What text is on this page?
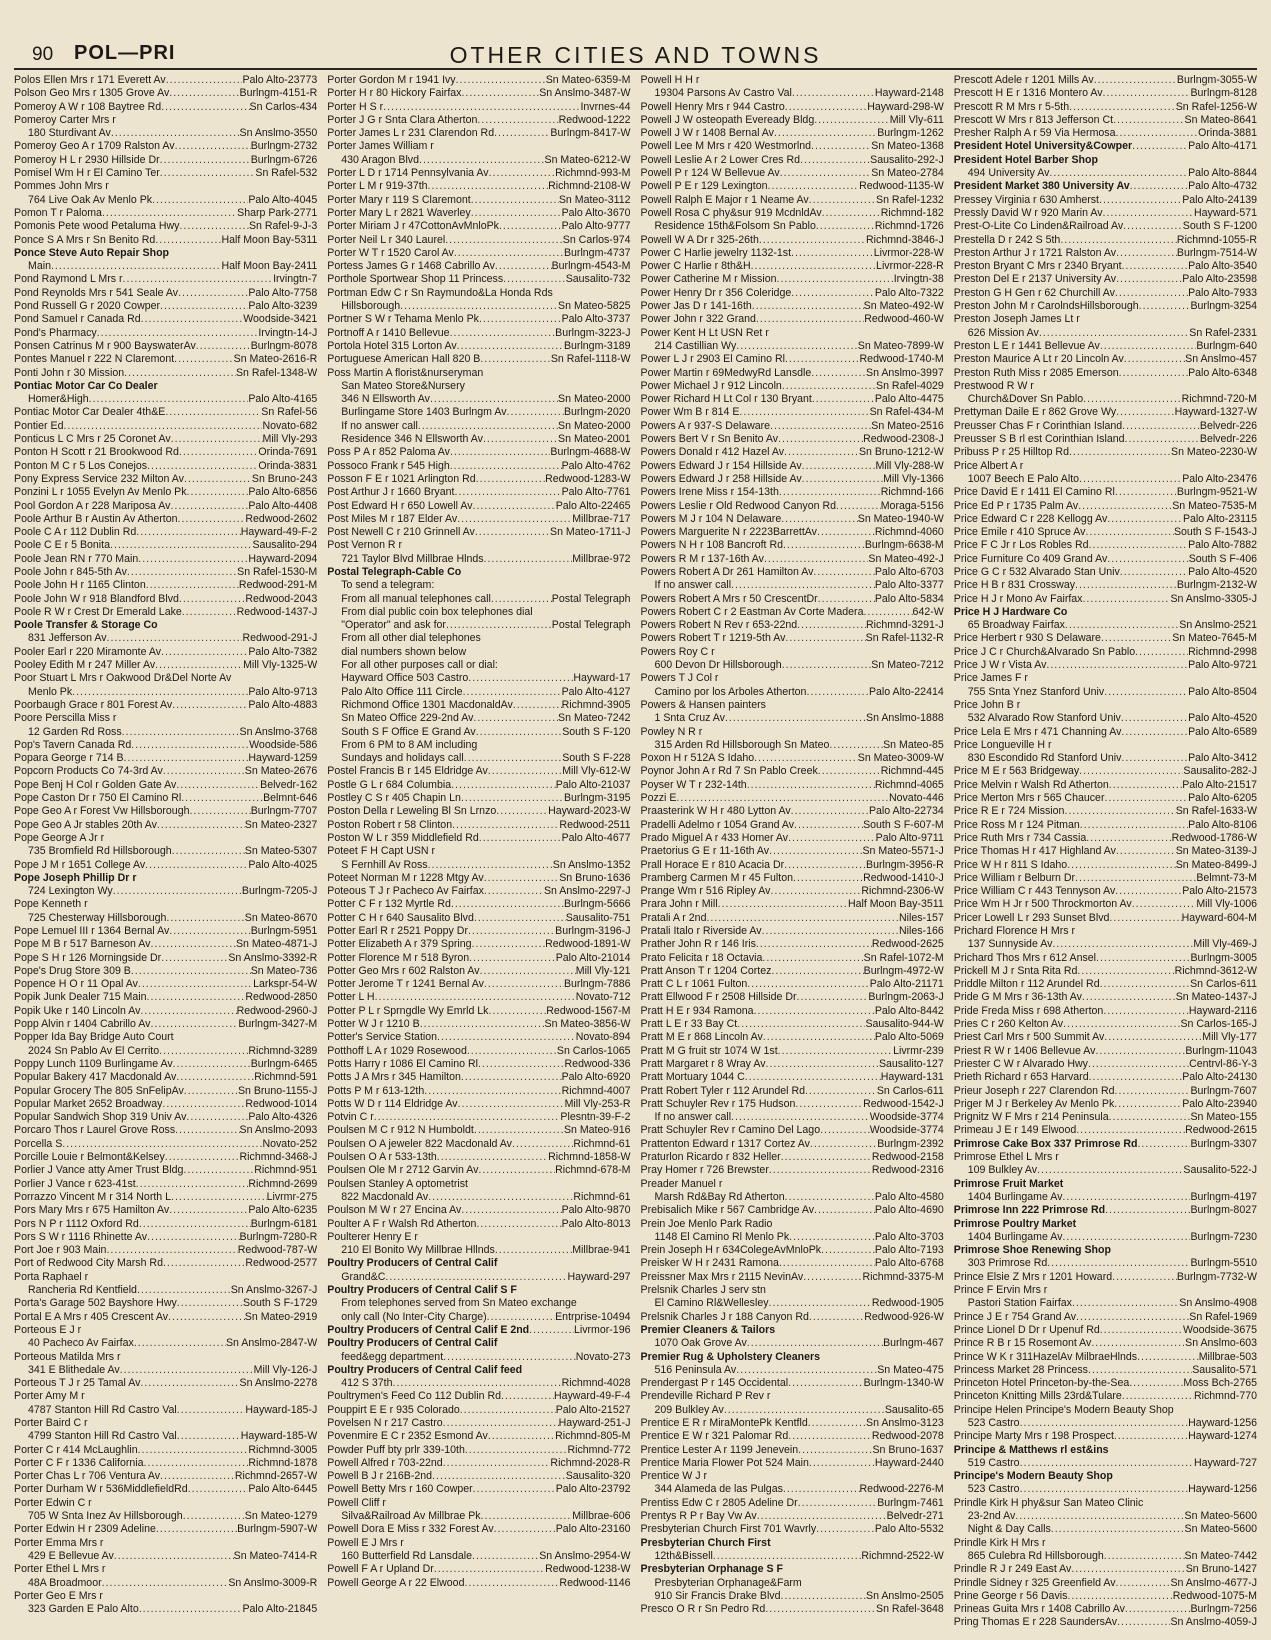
90 POL—PRI	OTHER CITIES AND TOWNS
Polos Ellen Mrs r 171 Everett Av .....	Palo Alto-23773
Polson Geo Mrs r 1305 Grove Av .....	Burlngm-4151-R
Pomeroy A W r 108 Baytree Rd .....	Sn Carlos-434
Pomeroy Carter Mrs r
180 Sturdivant Av .....	Sn Anslmo-3550
Pomeroy Geo A r 1709 Ralston Av .....	Burlngm-2732
Pomeroy H L r 2930 Hillside Dr .....	Burlngm-6726
Pomisel Wm H r El Camino Ter .....	Sn Rafel-532
Pommes John Mrs r
764 Live Oak Av Menlo Pk .....	Palo Alto-4045
Pomon T r Paloma .....	Sharp Park-2771
Pomonis Pete wood Petaluma Hwy .....	Sn Rafel-9-J-3
Ponce S A Mrs r Sn Benito Rd .....	Half Moon Bay-5311
Ponce Steve Auto Repair Shop
Main .....	Half Moon Bay-2411
Pond Raymond L Mrs r .....	Irvingtn-7
Pond Reynolds Mrs r 541 Seale Av .....	Palo Alto-7758
Pond Russell G r 2020 Cowper .....	Palo Alto-3239
Pond Samuel r Canada Rd .....	Woodside-3421
Pond's Pharmacy .....	Irvingtn-14-J
Ponsen Catrinus M r 900 BayswaterAv .....	Burlngm-8078
Pontes Manuel r 222 N Claremont .....	Sn Mateo-2616-R
Ponti John r 30 Mission .....	Sn Rafel-1348-W
Pontiac Motor Car Co Dealer
Homer&High .....	Palo Alto-4165
Pontiac Motor Car Dealer 4th&E .....	Sn Rafel-56
Pontier Ed .....	Novato-682
Ponticus L C Mrs r 25 Coronet Av .....	Mill Vly-293
Ponton H Scott r 21 Brookwood Rd .....	Orinda-7691
Ponton M C r 5 Los Conejos .....	Orinda-3831
Pony Express Service 232 Milton Av .....	Sn Bruno-243
Ponzini L r 1055 Evelyn Av Menlo Pk .....	Palo Alto-6856
Pool Gordon A r 228 Mariposa Av .....	Palo Alto-4408
Poole Arthur B r Austin Av Atherton .....	Redwood-2602
Poole C A r 112 Dublin Rd .....	Hayward-49-F-2
Poole C E r 5 Bonita .....	Sausalito-294
Poole Jean RN r 770 Main .....	Hayward-2094
Poole John r 845-5th Av .....	Sn Rafel-1530-M
Poole John H r 1165 Clinton .....	Redwood-291-M
Poole John W r 918 Blandford Blvd .....	Redwood-2043
Poole R W r Crest Dr Emerald Lake .....	Redwood-1437-J
Poole Transfer & Storage Co
831 Jefferson Av .....	Redwood-291-J
Pooler Earl r 220 Miramonte Av .....	Palo Alto-7382
Pooley Edith M r 247 Miller Av .....	Mill Vly-1325-W
Poor Stuart L Mrs r Oakwood Dr&Del Norte Av
Menlo Pk .....	Palo Alto-9713
Poorbaugh Grace r 801 Forest Av .....	Palo Alto-4883
Poore Perscilla Miss r
12 Garden Rd Ross .....	Sn Anslmo-3768
Pop's Tavern Canada Rd .....	Woodside-586
Popara George r 714 B .....	Hayward-1259
Popcorn Products Co 74-3rd Av .....	Sn Mateo-2676
Pope Benj H Col r Golden Gate Av .....	Belvedr-162
Pope Caston Dr r 750 El Camino Rl .....	Belmnt-646
Pope Geo A r Forest Vw Hillsborough .....	Burlngm-7707
Pope Geo A Jr stables 20th Av .....	Sn Mateo-2327
Pope George A Jr r
735 Bromfield Rd Hillsborough .....	Sn Mateo-5307
Pope J M r 1651 College Av .....	Palo Alto-4025
Pope Joseph Phillip Dr r
724 Lexington Wy .....	Burlngm-7205-J
Pope Kenneth r
725 Chesterway Hillsborough .....	Sn Mateo-8670
Pope Lemuel III r 1364 Bernal Av .....	Burlngm-5951
Pope M B r 517 Barneson Av .....	Sn Mateo-4871-J
Pope S H r 126 Morningside Dr .....	Sn Anslmo-3392-R
Pope's Drug Store 309 B .....	Sn Mateo-736
Popence H O r 11 Opal Av .....	Larkspr-54-W
Popik Junk Dealer 715 Main .....	Redwood-2850
Popik Uke r 140 Lincoln Av .....	Redwood-2960-J
Popp Alvin r 1404 Cabrillo Av .....	Burlngm-3427-M
Popper Ida Bay Bridge Auto Court
2024 Sn Pablo Av El Cerrito .....	Richmnd-3289
Poppy Lunch 1109 Burlingame Av .....	Burlngm-6465
Popular Bakery 417 Macdonald Av .....	Richmnd-591
Popular Grocery The 805 SnFelipAv .....	Sn Bruno-1155-J
Popular Market 2652 Broadway .....	Redwood-1014
Popular Sandwich Shop 319 Univ Av .....	Palo Alto-4326
Porcaro Thos r Laurel Grove Ross .....	Sn Anslmo-2093
Porcella S .....	Novato-252
Porcille Louie r Belmont&Kelsey .....	Richmnd-3468-J
Porlier J Vance atty Amer Trust Bldg .....	Richmnd-951
Porlier J Vance r 623-41st .....	Richmnd-2699
Porrazzo Vincent M r 314 North L .....	Livrmr-275
Pors Mary Mrs r 675 Hamilton Av .....	Palo Alto-6235
Pors N P r 1112 Oxford Rd .....	Burlngm-6181
Pors S W r 1116 Rhinette Av .....	Burlngm-7280-R
Port Joe r 903 Main .....	Redwood-787-W
Port of Redwood City Marsh Rd .....	Redwood-2577
Porta Raphael r
Rancheria Rd Kentfield .....	Sn Anslmo-3267-J
Porta's Garage 502 Bayshore Hwy .....	South S F-1729
Portal E A Mrs r 405 Crescent Av .....	Sn Mateo-2919
Porteous E J r
40 Pacheco Av Fairfax .....	Sn Anslmo-2847-W
Porteous Matilda Mrs r
341 E Blithedale Av .....	Mill Vly-126-J
Porteous T J r 25 Tamal Av .....	Sn Anslmo-2278
Porter Amy M r
4787 Stanton Hill Rd Castro Val .....	Hayward-185-J
Porter Baird C r
4799 Stanton Hill Rd Castro Val .....	Hayward-185-W
Porter C r 414 McLaughlin .....	Richmnd-3005
Porter C F r 1336 California .....	Richmnd-1878
Porter Chas L r 706 Ventura Av .....	Richmnd-2657-W
Porter Durham W r 536MiddlefieldRd .....	Palo Alto-6445
Porter Edwin C r
705 W Snta Inez Av Hillsborough .....	Sn Mateo-1279
Porter Edwin H r 2309 Adeline .....	Burlngm-5907-W
Porter Emma Mrs r
429 E Bellevue Av .....	Sn Mateo-7414-R
Porter Ethel L Mrs r
48A Broadmoor .....	Sn Anslmo-3009-R
Porter Geo E Mrs r
323 Garden E Palo Alto .....	Palo Alto-21845
Porter Gordon M r 1941 Ivy .....	Sn Mateo-6359-M
Porter H r 80 Hickory Fairfax .....	Sn Anslmo-3487-W
Porter H S r .....	Invrnes-44
Porter J G r Snta Clara Atherton .....	Redwood-1222
Porter James L r 231 Clarendon Rd .....	Burlngm-8417-W
Porter James William r
430 Aragon Blvd .....	Sn Mateo-6212-W
Porter L D r 1714 Pennsylvania Av .....	Richmnd-993-M
Porter L M r 919-37th .....	Richmnd-2108-W
Porter Mary r 119 S Claremont .....	Sn Mateo-3112
Porter Mary L r 2821 Waverley .....	Palo Alto-3670
Porter Miriam J r 47CottonAvMnloPk .....	Palo Alto-9777
Porter Neil L r 340 Laurel .....	Sn Carlos-974
Porter W T r 1520 Carol Av .....	Burlngm-4737
Portess James G r 1468 Cabrillo Av .....	Burlngm-4543-M
Porthole Sportwear Shop 11 Princess .....	Sausalito-732
Portman Edw C r Sn Raymundo&La Honda Rds
Hillsborough .....	Sn Mateo-5825
Portner S W r Tehama Menlo Pk .....	Palo Alto-3737
Portnoff A r 1410 Bellevue .....	Burlngm-3223-J
Portola Hotel 315 Lorton Av .....	Burlngm-3189
Portuguese American Hall 820 B .....	Sn Rafel-1118-W
Poss Martin A florist&nurseryman
San Mateo Store&Nursery
346 N Ellsworth Av .....	Sn Mateo-2000
Burlingame Store 1403 Burlngm Av .....	Burlngm-2020
If no answer call .....	Sn Mateo-2000
Residence 346 N Ellsworth Av .....	Sn Mateo-2001
Poss P A r 852 Paloma Av .....	Burlngm-4688-W
Possoco Frank r 545 High .....	Palo Alto-4762
Posson F E r 1021 Arlington Rd .....	Redwood-1283-W
Post Arthur J r 1660 Bryant .....	Palo Alto-7761
Post Edward H r 650 Lowell Av .....	Palo Alto-22465
Post Miles M r 187 Elder Av .....	Millbrae-717
Post Newell C r 210 Grinnell Av .....	Sn Mateo-1711-J
Post Vernon R r
721 Taylor Blvd Millbrae Hlnds .....	Millbrae-972
Postal Telegraph-Cable Co
To send a telegram:
From all manual telephones call .....	Postal Telegraph
From dial public coin box telephones dial
"Operator" and ask for .....	Postal Telegraph
From all other dial telephones
dial numbers shown below
For all other purposes call or dial:
Hayward Office 503 Castro .....	Hayward-17
Palo Alto Office 111 Circle .....	Palo Alto-4127
Richmond Office 1301 MacdonaldAv .....	Richmnd-3905
Sn Mateo Office 229-2nd Av .....	Sn Mateo-7242
South S F Office E Grand Av .....	South S F-120
From 6 PM to 8 AM including
Sundays and holidays call .....	South S F-228
Postel Francis B r 145 Eldridge Av .....	Mill Vly-612-W
Postle G L r 684 Columbia .....	Palo Alto-21037
Postley C S r 405 Chapin Ln .....	Burlngm-3195
Poston Della r Leweling Bl Sn Lrnzo .....	Hayward-2023-W
Poston Robert r 58 Clinton .....	Redwood-2511
Poston W L r 359 Middlefield Rd .....	Palo Alto-4677
Poteet F H Capt USN r
S Fernhill Av Ross .....	Sn Anslmo-1352
Poteet Norman M r 1228 Mtgy Av .....	Sn Bruno-1636
Poteous T J r Pacheco Av Fairfax .....	Sn Anslmo-2297-J
Potter C F r 132 Myrtle Rd .....	Burlngm-5666
Potter C H r 640 Sausalito Blvd .....	Sausalito-751
Potter Earl R r 2521 Poppy Dr .....	Burlngm-3196-J
Potter Elizabeth A r 379 Spring .....	Redwood-1891-W
Potter Florence M r 518 Byron .....	Palo Alto-21014
Potter Geo Mrs r 602 Ralston Av .....	Mill Vly-121
Potter Jerome T r 1241 Bernal Av .....	Burlngm-7886
Potter L H .....	Novato-712
Potter P L r Sprngdle Wy Emrld Lk .....	Redwood-1567-M
Potter W J r 1210 B .....	Sn Mateo-3856-W
Potter's Service Station .....	Novato-894
Potthoff L A r 1029 Rosewood .....	Sn Carlos-1065
Potts Harry r 1086 El Camino Rl .....	Redwood-336
Potts J A Mrs r 345 Hamilton .....	Palo Alto-6920
Potts P M r 613-12th .....	Richmnd-4007
Potts W D r 114 Eldridge Av .....	Mill Vly-253-R
Potvin C r .....	Plesntn-39-F-2
Poulsen M C r 912 N Humboldt .....	Sn Mateo-916
Poulsen O A jeweler 822 Macdonald Av .....	Richmnd-61
Poulsen O A r 533-13th .....	Richmnd-1858-W
Poulsen Ole M r 2712 Garvin Av .....	Richmnd-678-M
Poulsen Stanley A optometrist
822 Macdonald Av .....	Richmnd-61
Poulson M W r 27 Encina Av .....	Palo Alto-9870
Poulter A F r Walsh Rd Atherton .....	Palo Alto-8013
Poulterer Henry E r
210 El Bonito Wy Millbrae Hllnds .....	Millbrae-941
Poultry Producers of Central Calif
Grand&C .....	Hayward-297
Poultry Producers of Central Calif S F
From telephones served from Sn Mateo exchange
only call (No Inter-City Charge) .....	Entrprise-10494
Poultry Producers of Central Calif E 2nd .....	Livrmor-196
Poultry Producers of Central Calif
feed&egg department .....	Novato-273
Poultry Producers of Central Calif feed
412 S 37th .....	Richmnd-4028
Poultrymen's Feed Co 112 Dublin Rd .....	Hayward-49-F-4
Pouppirt E E r 935 Colorado .....	Palo Alto-21527
Povelsen N r 217 Castro .....	Hayward-251-J
Povenmire E C r 2352 Esmond Av .....	Richmnd-805-M
Powder Puff bty prlr 339-10th .....	Richmnd-772
Powell Alfred r 703-22nd .....	Richmnd-2028-R
Powell B J r 216B-2nd .....	Sausalito-320
Powell Betty Mrs r 160 Cowper .....	Palo Alto-23792
Powell Cliff r
Silva&Railroad Av Millbrae Pk .....	Millbrae-606
Powell Dora E Miss r 332 Forest Av .....	Palo Alto-23160
Powell E J Mrs r
160 Butterfield Rd Lansdale .....	Sn Anslmo-2954-W
Powell F A r Upland Dr .....	Redwood-1238-W
Powell George A r 22 Elwood .....	Redwood-1146
Powell H H r
19304 Parsons Av Castro Val .....	Hayward-2148
Powell Henry Mrs r 944 Castro .....	Hayward-298-W
Powell J W osteopath Eveready Bldg .....	Mill Vly-611
Powell J W r 1408 Bernal Av .....	Burlngm-1262
Powell Lee M Mrs r 420 Westmorlnd .....	Sn Mateo-1368
Powell Leslie A r 2 Lower Cres Rd .....	Sausalito-292-J
Powell P r 124 W Bellevue Av .....	Sn Mateo-2784
Powell P E r 129 Lexington .....	Redwood-1135-W
Powell Ralph E Major r 1 Neame Av .....	Sn Rafel-1232
Powell Rosa C phy&sur 919 McdnldAv .....	Richmnd-182
Residence 15th&Folsom Sn Pablo .....	Richmnd-1726
Powell W A Dr r 325-26th .....	Richmnd-3846-J
Power C Harlie jewelry 1132-1st .....	Livrmor-228-W
Power C Harlie r 8th&H .....	Livrmor-228-R
Power Catherine M r Mission .....	Irvingtn-38
Power Henry Dr r 356 Coleridge .....	Palo Alto-7322
Power Jas D r 141-16th .....	Sn Mateo-492-W
Power John r 322 Grand .....	Redwood-460-W
Power Kent H Lt USN Ret r
214 Castillian Wy .....	Sn Mateo-7899-W
Power L J r 2903 El Camino Rl .....	Redwood-1740-M
Power Martin r 69MedwyRd Lansdle .....	Sn Anslmo-3997
Power Michael J r 912 Lincoln .....	Sn Rafel-4029
Power Richard H Lt Col r 130 Bryant .....	Palo Alto-4475
Power Wm B r 814 E .....	Sn Rafel-434-M
Powers A r 937-S Delaware .....	Sn Mateo-2516
Powers Bert V r Sn Benito Av .....	Redwood-2308-J
Powers Donald r 412 Hazel Av .....	Sn Bruno-1212-W
Powers Edward J r 154 Hillside Av .....	Mill Vly-288-W
Powers Edward J r 258 Hillside Av .....	Mill Vly-1366
Powers Irene Miss r 154-13th .....	Richmnd-166
Powers Leslie r Old Redwood Canyon Rd .....	Moraga-5156
Powers M J r 104 N Delaware .....	Sn Mateo-1940-W
Powers Marguerite N r 2223BarrettAv .....	Richmnd-4060
Powers N H r 108 Bancroft Rd .....	Burlngm-6638-M
Powers R M r 137-16th Av .....	Sn Mateo-492-J
Powers Robert A Dr 261 Hamilton Av .....	Palo Alto-6703
If no answer call .....	Palo Alto-3377
Powers Robert A Mrs r 50 CrescentDr .....	Palo Alto-5834
Powers Robert C r 2 Eastman Av Corte Madera .....	642-W
Powers Robert N Rev r 653-22nd .....	Richmnd-3291-J
Powers Robert T r 1219-5th Av .....	Sn Rafel-1132-R
Powers Roy C r
600 Devon Dr Hillsborough .....	Sn Mateo-7212
Powers T J Col r
Camino por los Arboles Atherton .....	Palo Alto-22414
Powers & Hansen painters
1 Snta Cruz Av .....	Sn Anslmo-1888
Powley N R r
315 Arden Rd Hillsborough Sn Mateo .....	Sn Mateo-85
Poxon H r 512A S Idaho .....	Sn Mateo-3009-W
Poynor John A r Rd 7 Sn Pablo Creek .....	Richmnd-445
Poyser W T r 232-14th .....	Richmnd-4065
Pozzi E .....	Novato-446
Praasterink W H r 480 Lytton Av .....	Palo Alto-22734
Pradelli Adelmo r 1054 Grand Av .....	South S F-607-M
Prado Miguel A r 433 Homer Av .....	Palo Alto-9711
Praetorius G E r 11-16th Av .....	Sn Mateo-5571-J
Prall Horace E r 810 Acacia Dr .....	Burlngm-3956-R
Pramberg Carmen M r 45 Fulton .....	Redwood-1410-J
Prange Wm r 516 Ripley Av .....	Richmnd-2306-W
Prara John r Mill .....	Half Moon Bay-3511
Pratali A r 2nd .....	Niles-157
Pratali Italo r Riverside Av .....	Niles-166
Prather John R r 146 Iris .....	Redwood-2625
Prato Felicita r 18 Octavia .....	Sn Rafel-1072-M
Pratt Anson T r 1204 Cortez .....	Burlngm-4972-W
Pratt C L r 1061 Fulton .....	Palo Alto-21171
Pratt Ellwood F r 2508 Hillside Dr .....	Burlngm-2063-J
Pratt H E r 934 Ramona .....	Palo Alto-8442
Pratt L E r 33 Bay Ct .....	Sausalito-944-W
Pratt M E r 868 Lincoln Av .....	Palo Alto-5069
Pratt M G fruit str 1074 W 1st .....	Livrmr-239
Pratt Margaret r 8 Wray Av .....	Sausalito-127
Pratt Mortuary 1044 C .....	Hayward-131
Pratt Robert Tyler r 112 Arundel Rd .....	Sn Carlos-611
Pratt Schuyler Rev r 175 Hudson .....	Redwood-1542-J
If no answer call .....	Woodside-3774
Pratt Schuyler Rev r Camino Del Lago .....	Woodside-3774
Prattenton Edward r 1317 Cortez Av .....	Burlngm-2392
Praturlon Ricardo r 832 Heller .....	Redwood-2158
Pray Homer r 726 Brewster .....	Redwood-2316
Preader Manuel r
Marsh Rd&Bay Rd Atherton .....	Palo Alto-4580
Prebisalich Mike r 567 Cambridge Av .....	Palo Alto-4690
Prein Joe Menlo Park Radio
1148 El Camino Rl Menlo Pk .....	Palo Alto-3703
Prein Joseph H r 634ColegeAvMnloPk .....	Palo Alto-7193
Preisker W H r 2431 Ramona .....	Palo Alto-6768
Preissner Max Mrs r 2115 NevinAv .....	Richmnd-3375-M
Prelsnik Charles J serv stn
El Camino Rl&Wellesley .....	Redwood-1905
Prelsnik Charles J r 188 Canyon Rd .....	Redwood-926-W
Premier Cleaners & Tailors
1070 Oak Grove Av .....	Burlngm-467
Premier Rug & Upholstery Cleaners
516 Peninsula Av .....	Sn Mateo-475
Prendergast P r 145 Occidental .....	Burlngm-1340-W
Prendeville Richard P Rev r
209 Bulkley Av .....	Sausalito-65
Prentice E R r MiraMontePk Kentfld .....	Sn Anslmo-3123
Prentice E W r 321 Palomar Rd .....	Redwood-2078
Prentice Lester A r 1199 Jenevein .....	Sn Bruno-1637
Prentice Maria Flower Pot 524 Main .....	Hayward-2440
Prentice W J r
344 Alameda de las Pulgas .....	Redwood-2276-M
Prentiss Edw C r 2805 Adeline Dr .....	Burlngm-7461
Prentys R P r Bay Vw Av .....	Belvedr-271
Presbyterian Church First 701 Wavrly .....	Palo Alto-5532
Presbyterian Church First
12th&Bissell .....	Richmnd-2522-W
Presbyterian Orphanage S F
Presbyterian Orphanage&Farm
910 Sir Francis Drake Blvd .....	Sn Anslmo-2505
Presco O R r Sn Pedro Rd .....	Sn Rafel-3648
Prescott Adele r 1201 Mills Av .....	Burlngm-3055-W
Prescott H E r 1316 Montero Av .....	Burlngm-8128
Prescott R M Mrs r 5-5th .....	Sn Rafel-1256-W
Prescott W Mrs r 813 Jefferson Ct .....	Sn Mateo-8641
Presher Ralph A r 59 Via Hermosa .....	Orinda-3881
President Hotel University&Cowper .....	Palo Alto-4171
President Hotel Barber Shop
494 University Av .....	Palo Alto-8844
President Market 380 University Av .....	Palo Alto-4732
Pressey Virginia r 630 Amherst .....	Palo Alto-24139
Pressly David W r 920 Marin Av .....	Hayward-571
Prest-O-Lite Co Linden&Railroad Av .....	South S F-1200
Prestella D r 242 S 5th .....	Richmnd-1055-R
Preston Arthur J r 1721 Ralston Av .....	Burlngm-7514-W
Preston Bryant C Mrs r 2340 Bryant .....	Palo Alto-3540
Preston Del E r 2137 University Av .....	Palo Alto-23598
Preston G H Gen r 62 Churchill Av .....	Palo Alto-7933
Preston John M r CarolndsHillsborough .....	Burlngm-3254
Preston Joseph James Lt r
626 Mission Av .....	Sn Rafel-2331
Preston L E r 1441 Bellevue Av .....	Burlngm-640
Preston Maurice A Lt r 20 Lincoln Av .....	Sn Anslmo-457
Preston Ruth Miss r 2085 Emerson .....	Palo Alto-6348
Prestwood R W r
Church&Dover Sn Pablo .....	Richmnd-720-M
Prettyman Daile E r 862 Grove Wy .....	Hayward-1327-W
Preusser Chas F r Corinthian Island .....	Belvedr-226
Preusser S B rl est Corinthian Island .....	Belvedr-226
Pribuss P r 25 Hilltop Rd .....	Sn Mateo-2230-W
Price Albert A r
1007 Beech E Palo Alto .....	Palo Alto-23476
Price David E r 1411 El Camino Rl .....	Burlngm-9521-W
Price Ed P r 1735 Palm Av .....	Sn Mateo-7535-M
Price Edward C r 228 Kellogg Av .....	Palo Alto-23115
Price Emile r 410 Spruce Av .....	South S F-1543-J
Price F C Jr r Los Robles Rd .....	Palo Alto-7882
Price Furniture Co 409 Grand Av .....	South S F-406
Price G C r 532 Alvarado Stan Univ .....	Palo Alto-4520
Price H B r 831 Crossway .....	Burlngm-2132-W
Price H J r Mono Av Fairfax .....	Sn Anslmo-3305-J
Price H J Hardware Co
65 Broadway Fairfax .....	Sn Anslmo-2521
Price Herbert r 930 S Delaware .....	Sn Mateo-7645-M
Price J C r Church&Alvarado Sn Pablo .....	Richmnd-2998
Price J W r Vista Av .....	Palo Alto-9721
Price James F r
755 Snta Ynez Stanford Univ .....	Palo Alto-8504
Price John B r
532 Alvarado Row Stanford Univ .....	Palo Alto-4520
Price Lela E Mrs r 471 Channing Av .....	Palo Alto-6589
Price Longueville H r
830 Escondido Rd Stanford Univ .....	Palo Alto-3412
Price M E r 563 Bridgeway .....	Sausalito-282-J
Price Melvin r Walsh Rd Atherton .....	Palo Alto-21517
Price Merton Mrs r 565 Chaucer .....	Palo Alto-6205
Price R E r 724 Mission .....	Sn Rafel-1633-W
Price Ross M r 124 Pitman .....	Palo Alto-8106
Price Ruth Mrs r 734 Cassia .....	Redwood-1786-W
Price Thomas H r 417 Highland Av .....	Sn Mateo-3139-J
Price W H r 811 S Idaho .....	Sn Mateo-8499-J
Price William r Belburn Dr .....	Belmnt-73-M
Price William C r 443 Tennyson Av .....	Palo Alto-21573
Price Wm H Jr r 500 Throckmorton Av .....	Mill Vly-1006
Pricer Lowell L r 293 Sunset Blvd .....	Hayward-604-M
Prichard Florence H Mrs r
137 Sunnyside Av .....	Mill Vly-469-J
Prichard Thos Mrs r 612 Ansel .....	Burlngm-3005
Prickell M J r Snta Rita Rd .....	Richmnd-3612-W
Priddle Milton r 112 Arundel Rd .....	Sn Carlos-611
Pride G M Mrs r 36-13th Av .....	Sn Mateo-1437-J
Pride Freda Miss r 698 Atherton .....	Hayward-2116
Pries C r 260 Kelton Av .....	Sn Carlos-165-J
Priest Carl Mrs r 500 Summit Av .....	Mill Vly-177
Priest R W r 1406 Bellevue Av .....	Burlngm-11043
Priester C W r Alvarado Hwy .....	Centrvl-86-Y-3
Prieth Richard r 653 Harvard .....	Palo Alto-24130
Prieur Joseph r 227 Clarendon Rd .....	Burlngm-7607
Priger M J r Berkeley Av Menlo Pk .....	Palo Alto-23940
Prignitz W F Mrs r 214 Peninsula .....	Sn Mateo-155
Primeau J E r 149 Elwood .....	Redwood-2615
Primrose Cake Box 337 Primrose Rd .....	Burlngm-3307
Primrose Ethel L Mrs r
109 Bulkley Av .....	Sausalito-522-J
Primrose Fruit Market
1404 Burlingame Av .....	Burlngm-4197
Primrose Inn 222 Primrose Rd .....	Burlngm-8027
Primrose Poultry Market
1404 Burlingame Av .....	Burlngm-7230
Primrose Shoe Renewing Shop
303 Primrose Rd .....	Burlngm-5510
Prince Elsie Z Mrs r 1201 Howard .....	Burlngm-7732-W
Prince F Ervin Mrs r
Pastori Station Fairfax .....	Sn Anslmo-4908
Prince J E r 754 Grand Av .....	Sn Rafel-1969
Prince Lionel D Dr r Upenuf Rd .....	Woodside-3675
Prince R B r 15 Rosemont Av .....	Sn Anslmo-603
Prince W K r 311HazelAv MilbraeHlnds .....	Millbrae-503
Princess Market 28 Princess .....	Sausalito-571
Princeton Hotel Princeton-by-the-Sea .....	Moss Bch-2765
Princeton Knitting Mills 23rd&Tulare .....	Richmnd-770
Principe Helen Principe's Modern Beauty Shop
523 Castro .....	Hayward-1256
Principe Marty Mrs r 198 Prospect .....	Hayward-1274
Principe & Matthews rl est&ins
519 Castro .....	Hayward-727
Principe's Modern Beauty Shop
523 Castro .....	Hayward-1256
Prindle Kirk H phy&sur San Mateo Clinic
23-2nd Av .....	Sn Mateo-5600
Night & Day Calls .....	Sn Mateo-5600
Prindle Kirk H Mrs r
865 Culebra Rd Hillsborough .....	Sn Mateo-7442
Prindle R J r 249 East Av .....	Sn Bruno-1427
Prindle Sidney r 325 Greenfield Av .....	Sn Anslmo-4677-J
Prine George r 56 Davis .....	Redwood-1075-M
Prineas Guita Mrs r 1408 Cabrillo Av .....	Burlngm-7256
Pring Thomas E r 228 SaundersAv .....	Sn Anslmo-4059-J
